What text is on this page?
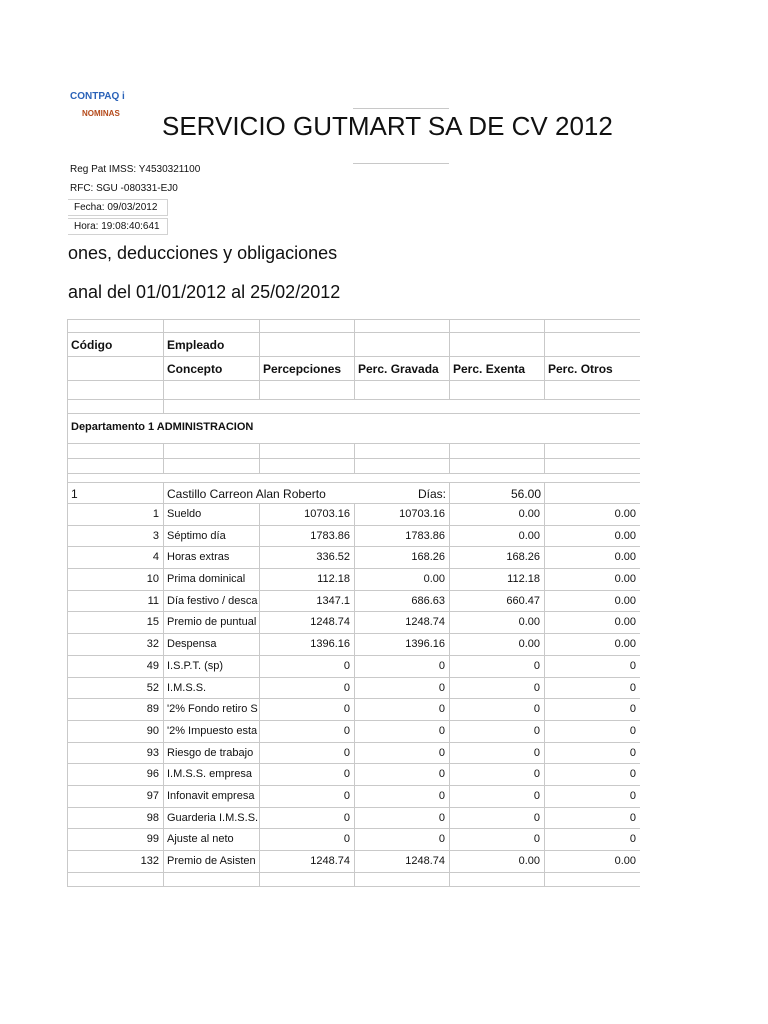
CONTPAQ i
NOMINAS SERVICIO GUTMART SA DE CV 2012
Reg Pat IMSS: Y4530321100
RFC: SGU -080331-EJ0
Fecha: 09/03/2012
Hora: 19:08:40:641
ones, deducciones y obligaciones
anal del 01/01/2012 al 25/02/2012
Código	Empleado
Concepto	Percepciones	Perc. Gravada	Perc. Exenta	Perc. Otros
Departamento 1 ADMINISTRACION
1	Castillo Carreon Alan Roberto	Días:	56.00
1 Sueldo	10703.16	10703.16	0.00	0.00
3 Séptimo día	1783.86	1783.86	0.00	0.00
4 Horas extras	336.52	168.26	168.26	0.00
10 Prima dominical	112.18	0.00	112.18	0.00
11 Día festivo / desca	1347.1	686.63	660.47	0.00
15 Premio de puntual	1248.74	1248.74	0.00	0.00
32 Despensa	1396.16	1396.16	0.00	0.00
49 I.S.P.T. (sp)	0	0	0	0
52 I.M.S.S.	0	0	0	0
89 '2% Fondo retiro S	0	0	0	0
90 '2% Impuesto esta	0	0	0	0
93 Riesgo de trabajo	0	0	0	0
96 I.M.S.S. empresa	0	0	0	0
97 Infonavit empresa	0	0	0	0
98 Guarderia I.M.S.S.	0	0	0	0
99 Ajuste al neto	0	0	0	0
132 Premio de Asisten	1248.74	1248.74	0.00	0.00
